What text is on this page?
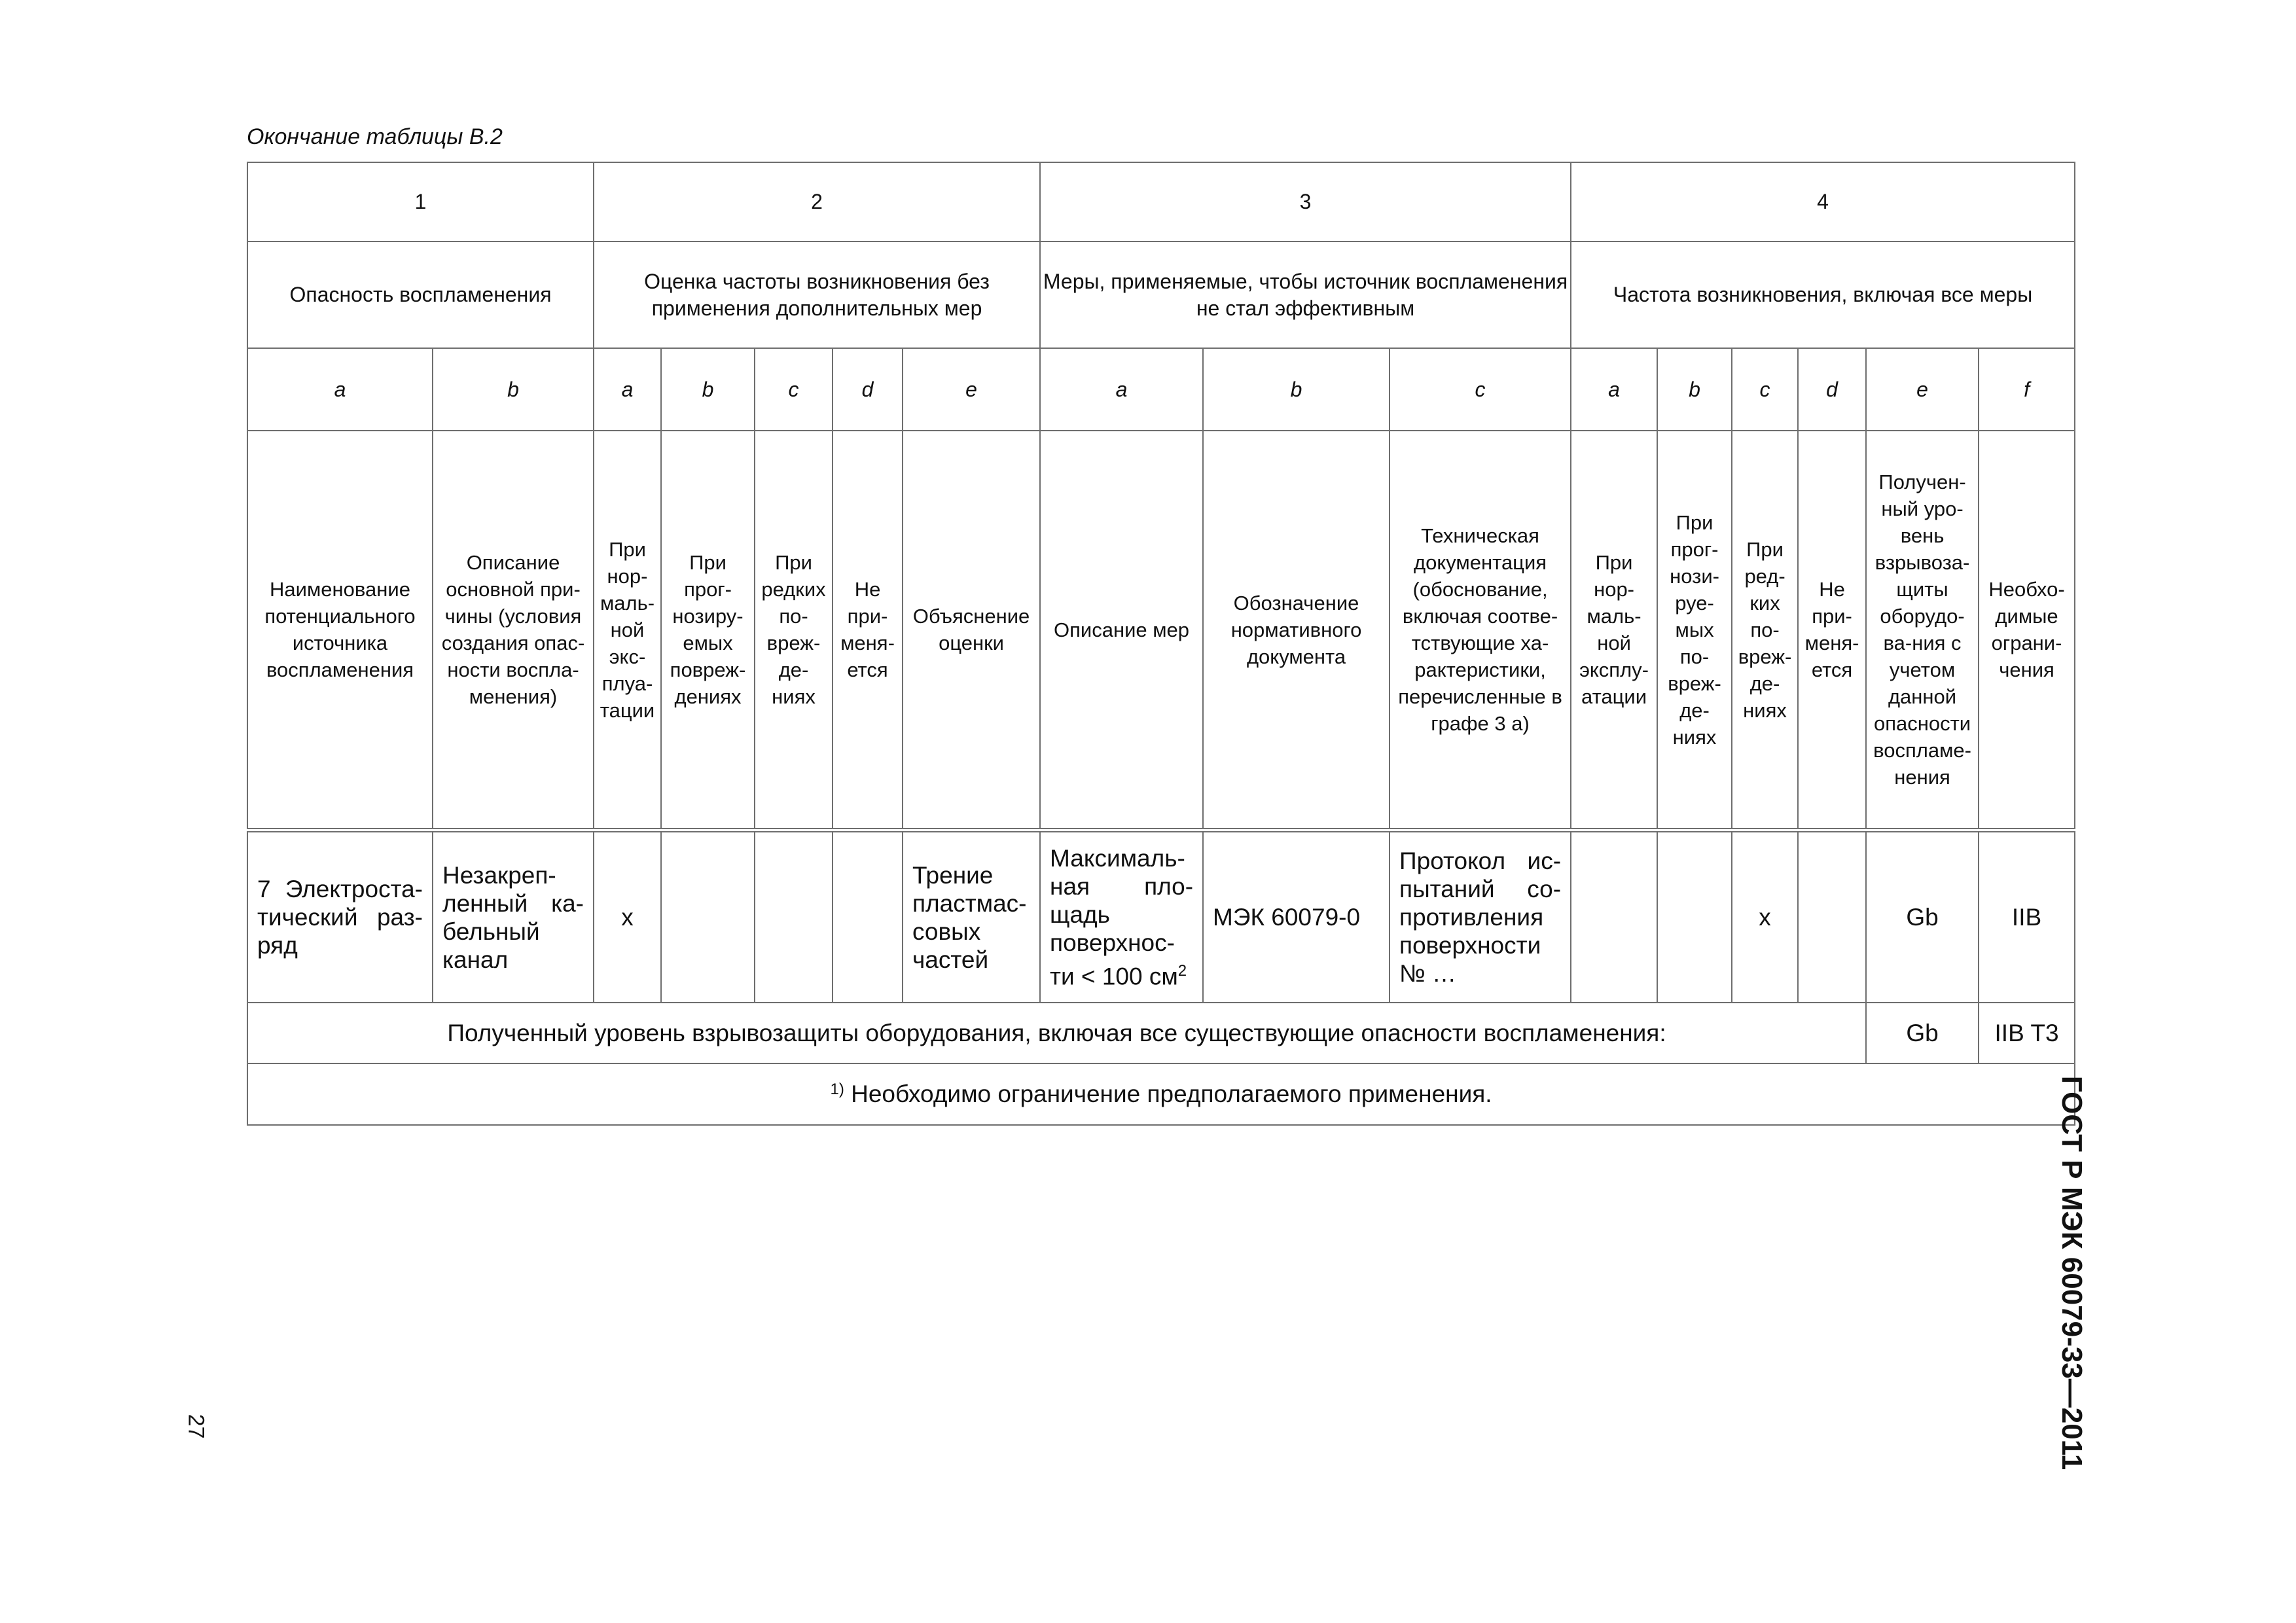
Окончание таблицы В.2
1		2					3			4					
Опасность воспламенения		Оценка частоты возникновения без применения дополнительных мер					Меры, применяемые, чтобы источник воспламенения не стал эффективным			Частота возникновения, включая все меры					
a	b	a	b	c	d	e	a	b	c	a	b	c	d	e	f
Наименование потенциального источника воспламенения	Описание основной при-чины (условия создания опас-ности воспла-менения)	При нор-маль-ной экс-плуа-тации	При прог-нозиру-емых повреж-дениях	При редких по-вреж-де-ниях	Не при-меня-ется	Объяснение оценки	Описание мер	Обозначение нормативного документа	Техническая документация (обоснование, включая соотве-тствующие ха-рактеристики, перечисленные в графе 3 а)	При нор-маль-ной эксплу-атации	При прог-нози-руе-мых по-вреж-де-ниях	При ред-ких по-вреж-де-ниях	Не при-меня-ется	Получен-ный уро-вень взрывоза-щиты оборудо-ва-ния с учетом данной опасности воспламе-нения	Необхо-димые ограни-чения
7 Электроста-тический раз-ряд	Незакреп-ленный ка-бельный канал	х				Трение пластмас-совых частей	Максималь-ная пло-щадь поверхнос-ти < 100 $см^2$	МЭК 60079-0	Протокол ис-пытаний со-противления поверхности № …			х		Gb	IIB
Полученный уровень взрывозащиты оборудования, включая все существующие опасности воспламенения:														Gb	IIB T3
$^{1)}$ Необходимо ограничение предполагаемого применения.																ГОСТ Р МЭК 60079-33—2011
27
